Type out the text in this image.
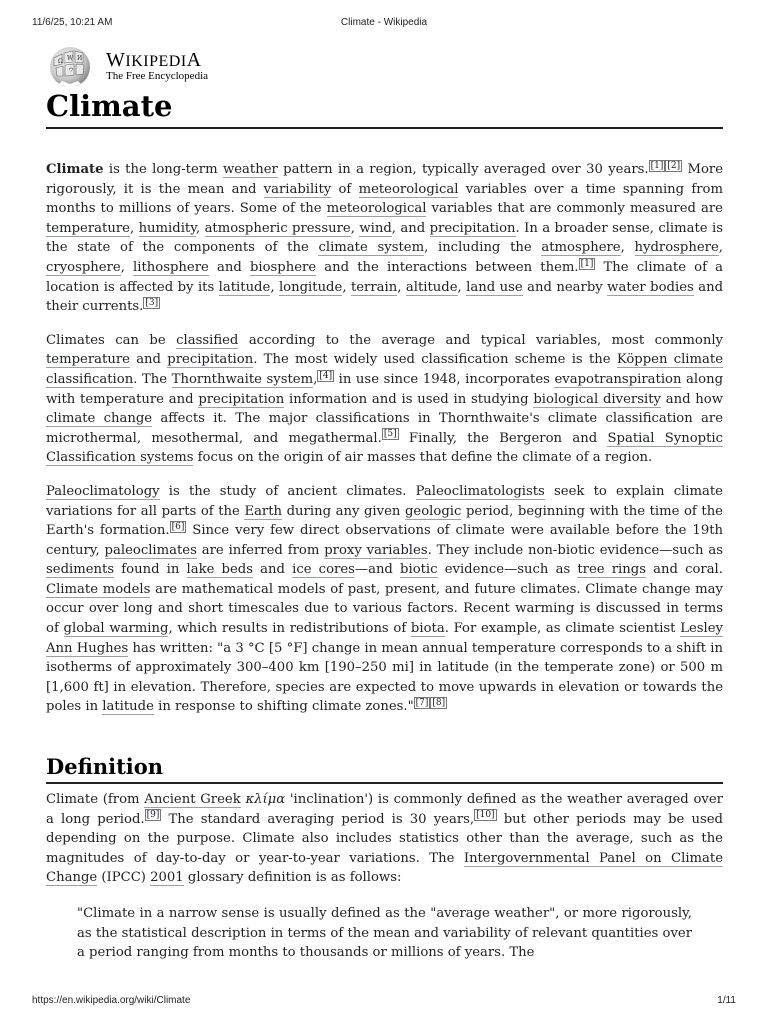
11/6/25, 10:21 AM	Climate - Wikipedia
Ω W И
ウ WIKIPEDIA
The Free Encyclopedia
Climate

Climate is the long-term weather pattern in a region, typically averaged over 30 years. [1] [2] More rigorously, it is the mean and variability of meteorological variables over a time spanning from months to millions of years. Some of the meteorological variables that are commonly measured are temperature, humidity, atmospheric pressure, wind, and precipitation. In a broader sense, climate is the state of the components of the climate system, including the atmosphere, hydrosphere, cryosphere, lithosphere and biosphere and the interactions between them. [1] The climate of a location is affected by its latitude, longitude, terrain, altitude, land use and nearby water bodies and their currents. [3]

Climates can be classified according to the average and typical variables, most commonly temperature and precipitation. The most widely used classification scheme is the Köppen climate classification. The Thornthwaite system, [4] in use since 1948, incorporates evapotranspiration along with temperature and precipitation information and is used in studying biological diversity and how climate change affects it. The major classifications in Thornthwaite's climate classification are microthermal, mesothermal, and megathermal. [5] Finally, the Bergeron and Spatial Synoptic Classification systems focus on the origin of air masses that define the climate of a region.

Paleoclimatology is the study of ancient climates. Paleoclimatologists seek to explain climate variations for all parts of the Earth during any given geologic period, beginning with the time of the Earth's formation. [6] Since very few direct observations of climate were available before the 19th century, paleoclimates are inferred from proxy variables. They include non-biotic evidence—such as sediments found in lake beds and ice cores—and biotic evidence—such as tree rings and coral. Climate models are mathematical models of past, present, and future climates. Climate change may occur over long and short timescales due to various factors. Recent warming is discussed in terms of global warming, which results in redistributions of biota. For example, as climate scientist Lesley Ann Hughes has written: "a 3 °C [5 °F] change in mean annual temperature corresponds to a shift in isotherms of approximately 300–400 km [190–250 mi] in latitude (in the temperate zone) or 500 m [1,600 ft] in elevation. Therefore, species are expected to move upwards in elevation or towards the poles in latitude in response to shifting climate zones." [7] [8]

Definition

Climate (from Ancient Greek κλίμα 'inclination') is commonly defined as the weather averaged over a long period. [9] The standard averaging period is 30 years, [10] but other periods may be used depending on the purpose. Climate also includes statistics other than the average, such as the magnitudes of day-to-day or year-to-year variations. The Intergovernmental Panel on Climate Change (IPCC) 2001 glossary definition is as follows:

"Climate in a narrow sense is usually defined as the "average weather", or more rigorously, as the statistical description in terms of the mean and variability of relevant quantities over a period ranging from months to thousands or millions of years. The
https://en.wikipedia.org/wiki/Climate	1/11
